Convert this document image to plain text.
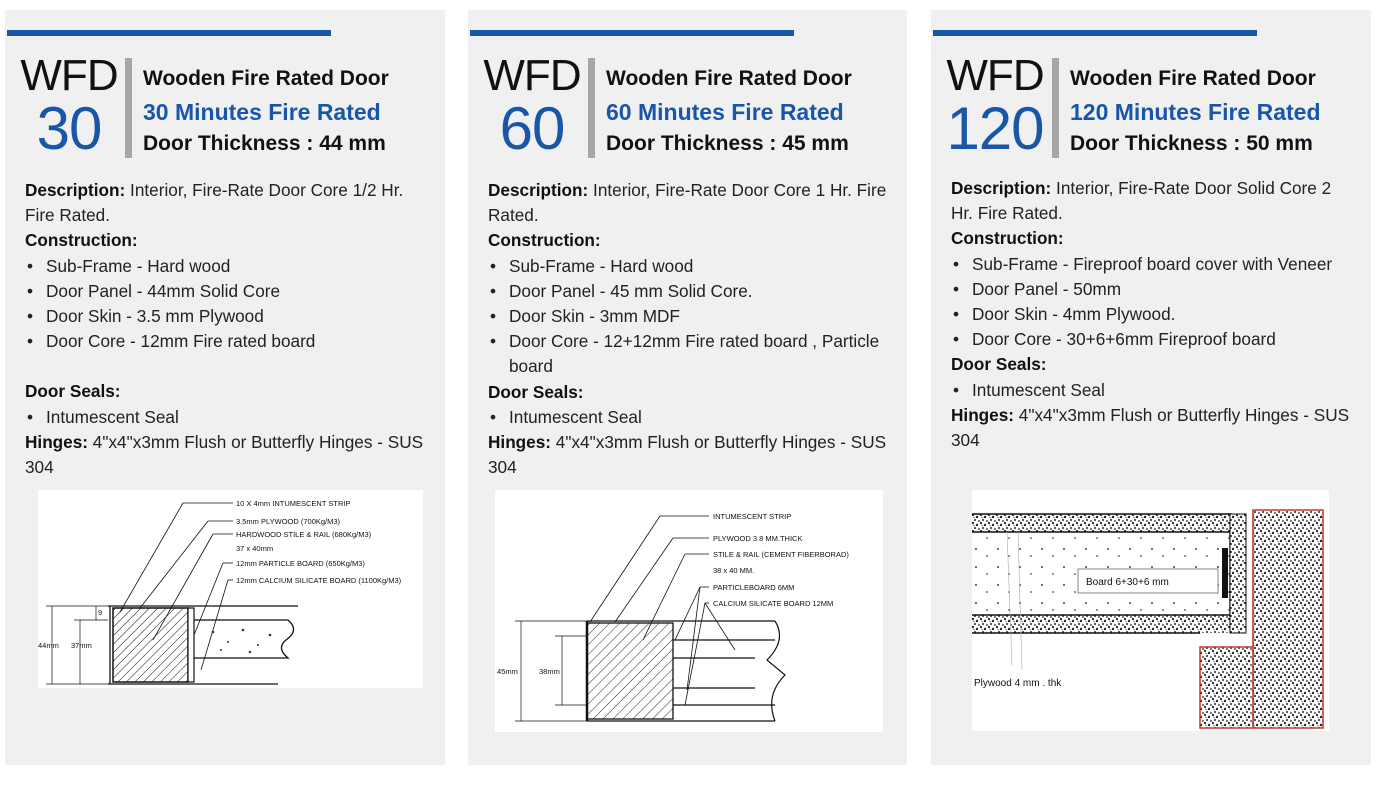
WFD
30
Wooden Fire Rated Door
30 Minutes Fire Rated
Door Thickness : 44 mm
Description: Interior, Fire-Rate Door Core 1/2 Hr. Fire Rated.
Construction:
• Sub-Frame - Hard wood
• Door Panel - 44mm Solid Core
• Door Skin - 3.5 mm Plywood
• Door Core - 12mm Fire rated board
Door Seals:
• Intumescent Seal
Hinges: 4"x4"x3mm Flush or Butterfly Hinges - SUS 304
10 X 4mm INTUMESCENT STRIP
3.5mm PLYWOOD (700Kg/M3)
HARDWOOD STILE & RAIL (680Kg/M3)
37 x 40mm
12mm PARTICLE BOARD (650Kg/M3)
12mm CALCIUM SILICATE BOARD (1100Kg/M3)
44mm 37mm
9
WFD
60
Wooden Fire Rated Door
60 Minutes Fire Rated
Door Thickness : 45 mm
Description: Interior, Fire-Rate Door Core 1 Hr. Fire Rated.
Construction:
• Sub-Frame - Hard wood
• Door Panel - 45 mm Solid Core.
• Door Skin - 3mm MDF
• Door Core - 12+12mm Fire rated board , Particle board
Door Seals:
• Intumescent Seal
Hinges: 4"x4"x3mm Flush or Butterfly Hinges - SUS 304
INTUMESCENT STRIP
PLYWOOD 3.8 MM.THICK
STILE & RAIL (CEMENT FIBERBORAD)
38 x 40 MM.
PARTICLEBOARD 6MM
CALCIUM SILICATE BOARD 12MM
45mm	38mm
WFD
120
Wooden Fire Rated Door
120 Minutes Fire Rated
Door Thickness : 50 mm
Description: Interior, Fire-Rate Door Solid Core 2 Hr. Fire Rated.
Construction:
• Sub-Frame - Fireproof board cover with Veneer
• Door Panel - 50mm
• Door Skin - 4mm Plywood.
• Door Core - 30+6+6mm Fireproof board
Door Seals:
• Intumescent Seal
Hinges: 4"x4"x3mm Flush or Butterfly Hinges - SUS 304
Board 6+30+6 mm
Plywood 4 mm . thk
